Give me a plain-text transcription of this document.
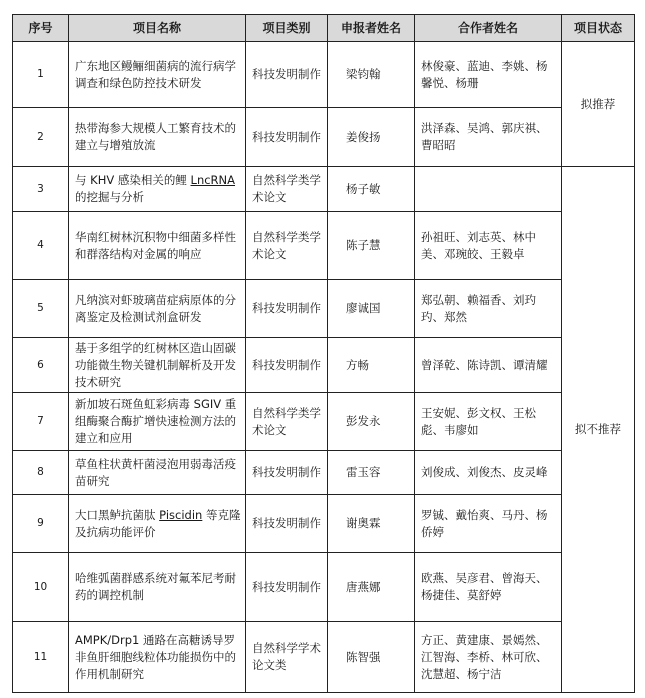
序号	项目名称	项目类别	申报者姓名	合作者姓名	项目状态
1	广东地区鳗鲡细菌病的流行病学调查和绿色防控技术研发	科技发明制作	梁钧翰	林俊豪、蓝迪、李姚、杨馨悦、杨珊	拟推荐
2	热带海参大规模人工繁育技术的建立与增殖放流	科技发明制作	姜俊扬	洪泽森、吴鸿、郭庆祺、曹昭昭	
3	与 KHV 感染相关的鲤 LncRNA的挖掘与分析	自然科学类学术论文	杨子敏		拟不推荐
4	华南红树林沉积物中细菌多样性和群落结构对金属的响应	自然科学类学术论文	陈子慧	孙祖旺、刘志英、林中美、邓琬皎、王毅卓	
5	凡纳滨对虾玻璃苗症病原体的分离鉴定及检测试剂盒研发	科技发明制作	廖诚国	郑弘朝、赖福香、刘玓玓、郑然	
6	基于多组学的红树林区造山固碳功能微生物关键机制解析及开发技术研究	科技发明制作	方畅	曾泽乾、陈诗凯、谭清耀	
7	新加坡石斑鱼虹彩病毒 SGIV 重组酶聚合酶扩增快速检测方法的建立和应用	自然科学类学术论文	彭发永	王安妮、彭文权、王松彪、韦廖如	
8	草鱼柱状黄杆菌浸泡用弱毒活疫苗研究	科技发明制作	雷玉容	刘俊成、刘俊杰、皮灵峰	
9	大口黑鲈抗菌肽 Piscidin 等克隆及抗病功能评价	科技发明制作	谢奥霖	罗铖、戴怡爽、马丹、杨侨婷	
10	哈维弧菌群感系统对氟苯尼考耐药的调控机制	科技发明制作	唐燕娜	欧燕、吴彦君、曾海天、杨捷佳、莫舒婷	
11	AMPK/Drp1 通路在高糖诱导罗非鱼肝细胞线粒体功能损伤中的作用机制研究	自然科学学术论文类	陈智强	方正、黄建康、景嫣然、江智海、李桥、林可欣、沈慧超、杨宁洁	
